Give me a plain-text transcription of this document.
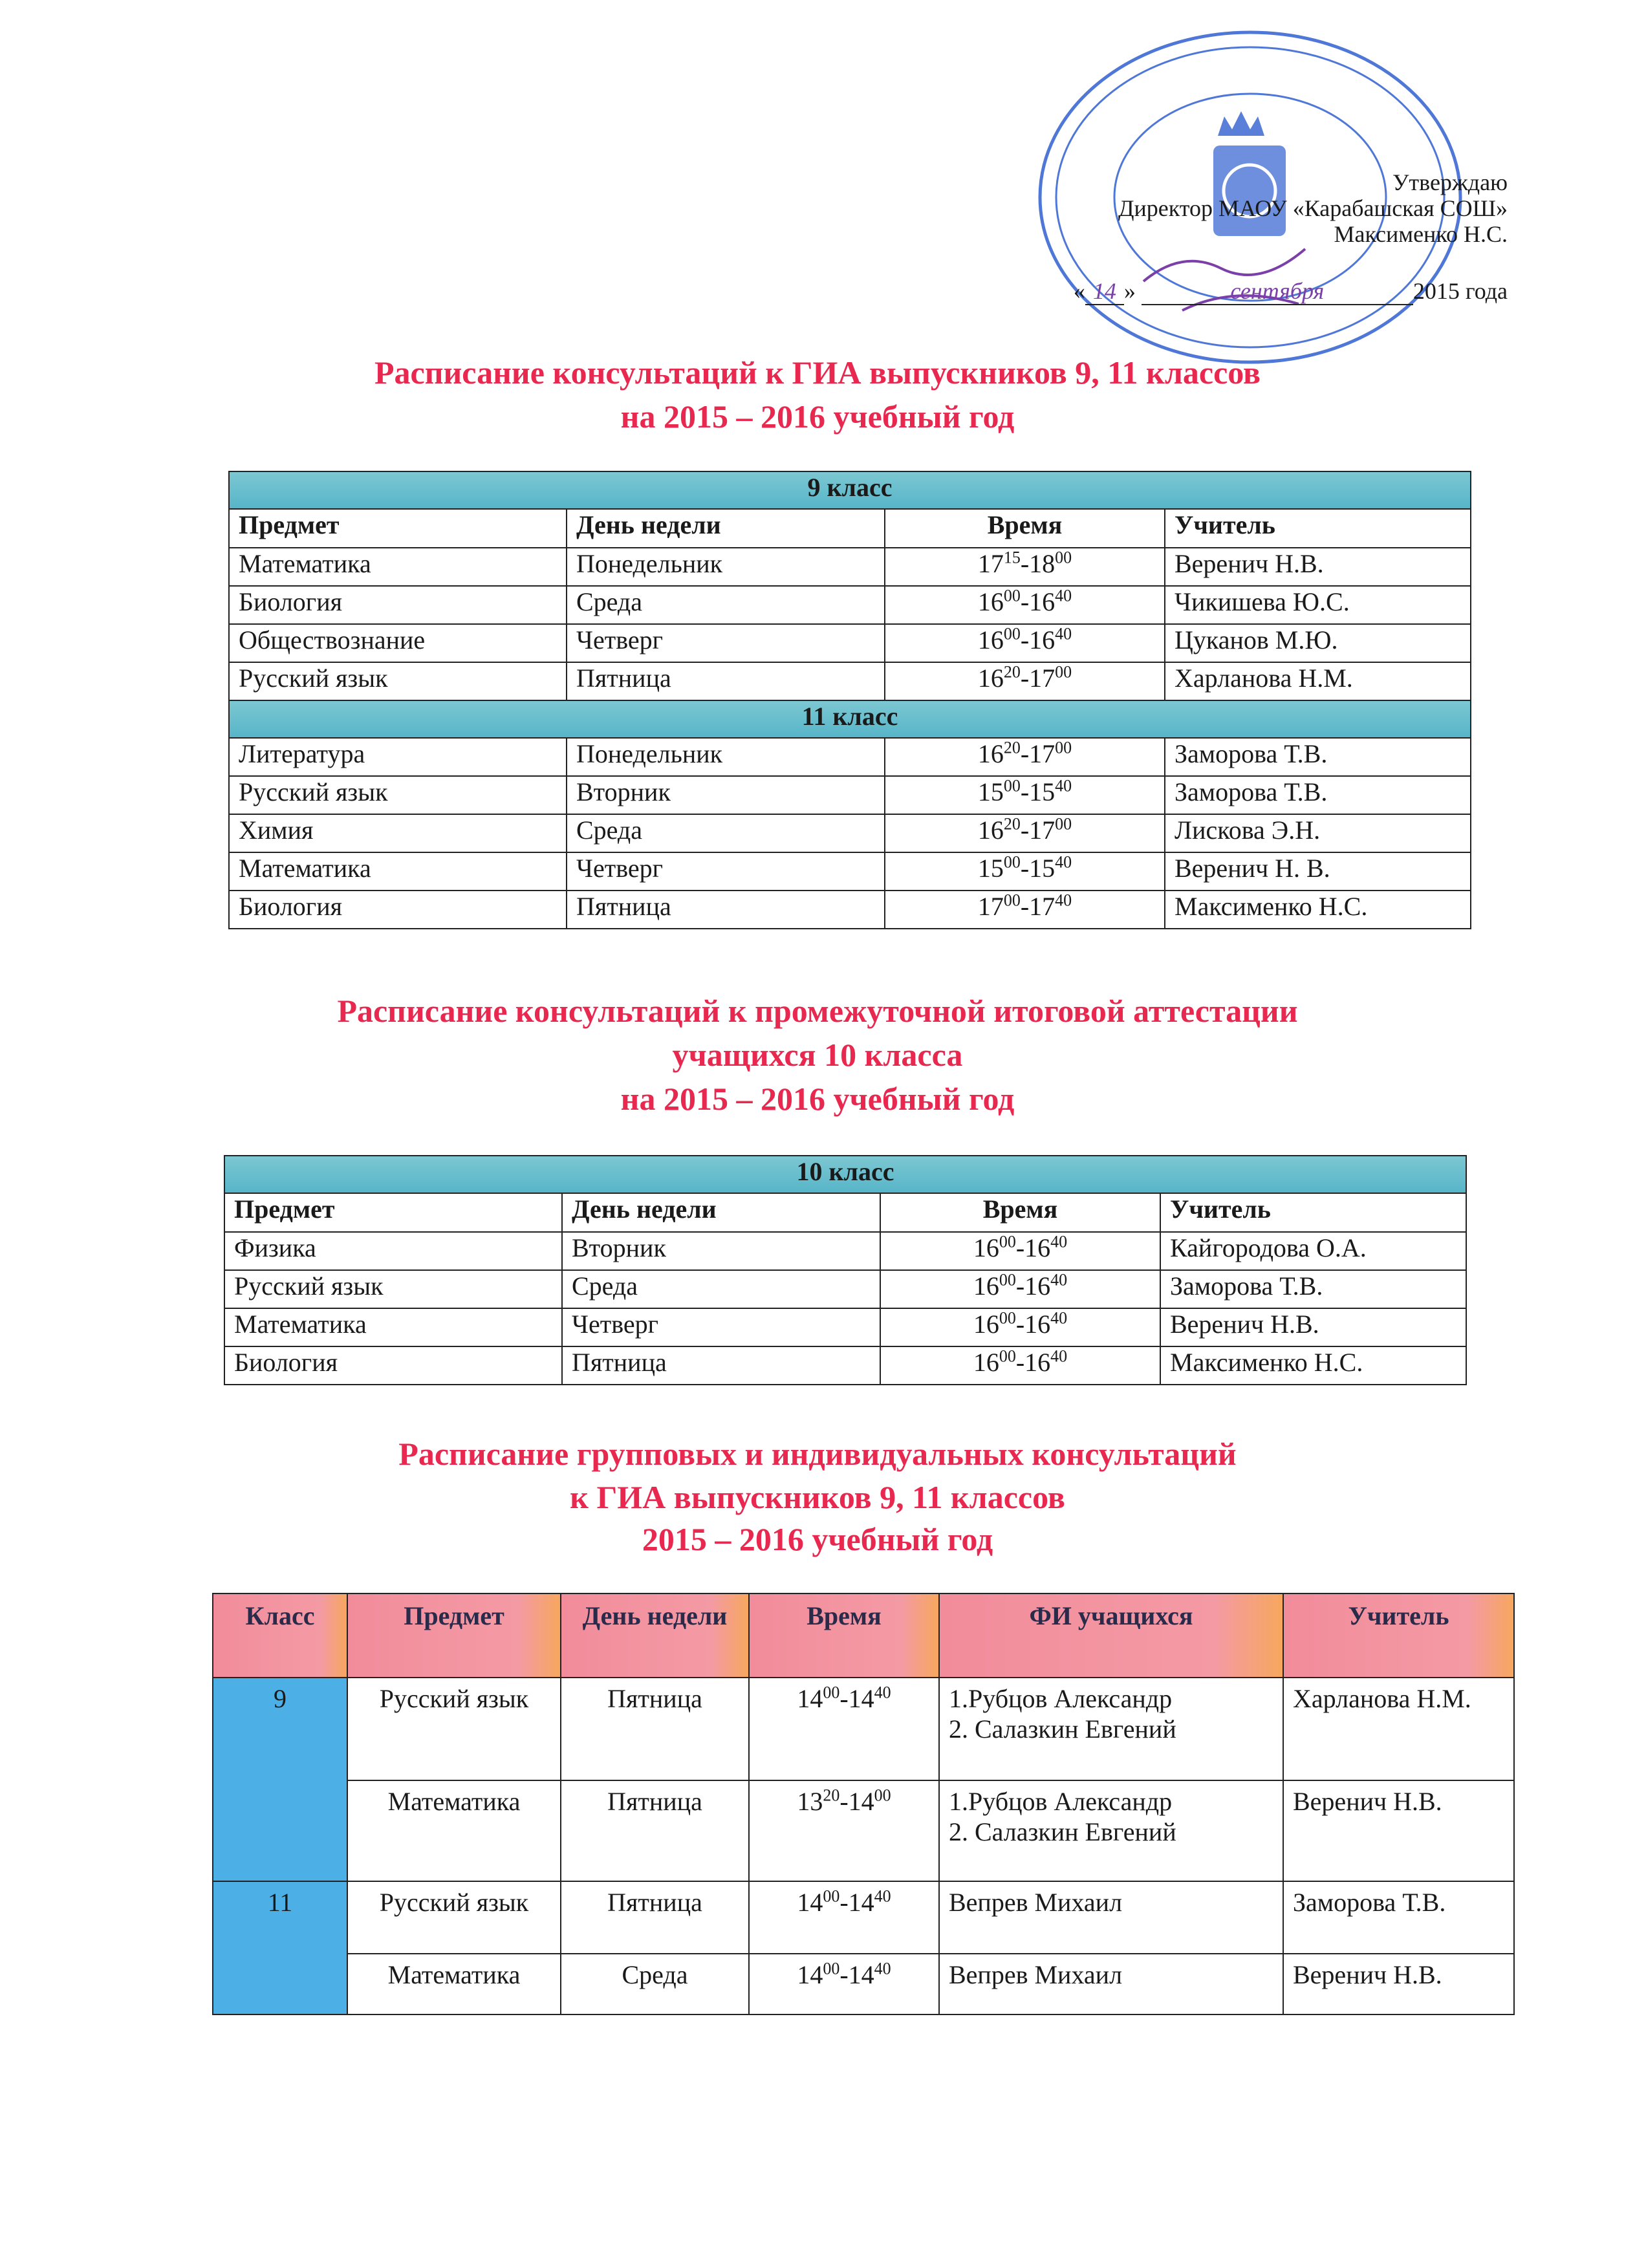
Утверждаю
Директор МАОУ «Карабашская СОШ»
Максименко Н.С.
« 14 »	сентября	2015 года
Расписание консультаций к ГИА выпускников 9, 11 классов
на 2015 – 2016 учебный год
9 класс			
Предмет	День недели	Время	Учитель
Математика	Понедельник	$17^{15}-18^{00}$	Веренич Н.В.
Биология	Среда	$16^{00}-16^{40}$	Чикишева Ю.С.
Обществознание	Четверг	$16^{00}-16^{40}$	Цуканов М.Ю.
Русский язык	Пятница	$16^{20}-17^{00}$	Харланова Н.М.
11 класс			
Литература	Понедельник	$16^{20}-17^{00}$	Заморова Т.В.
Русский язык	Вторник	$15^{00}-15^{40}$	Заморова Т.В.
Химия	Среда	$16^{20}-17^{00}$	Лискова Э.Н.
Математика	Четверг	$15^{00}-15^{40}$	Веренич Н. В.
Биология	Пятница	$17^{00}-17^{40}$	Максименко Н.С.
Расписание консультаций к промежуточной итоговой аттестации
учащихся 10 класса
на 2015 – 2016 учебный год
10 класс			
Предмет	День недели	Время	Учитель
Физика	Вторник	$16^{00}-16^{40}$	Кайгородова О.А.
Русский язык	Среда	$16^{00}-16^{40}$	Заморова Т.В.
Математика	Четверг	$16^{00}-16^{40}$	Веренич Н.В.
Биология	Пятница	$16^{00}-16^{40}$	Максименко Н.С.
Расписание групповых и индивидуальных консультаций
к ГИА выпускников 9, 11 классов
2015 – 2016 учебный год
Класс	Предмет	День недели	Время	ФИ учащихся	Учитель
9	Русский язык	Пятница	$14^{00}-14^{40}$	1.Рубцов Александр
2. Салазкин Евгений	Харланова Н.М.
	Математика	Пятница	$13^{20}-14^{00}$	1.Рубцов Александр
2. Салазкин Евгений	Веренич Н.В.
11	Русский язык	Пятница	$14^{00}-14^{40}$	Вепрев Михаил	Заморова Т.В.
	Математика	Среда	$14^{00}-14^{40}$	Вепрев Михаил	Веренич Н.В.
